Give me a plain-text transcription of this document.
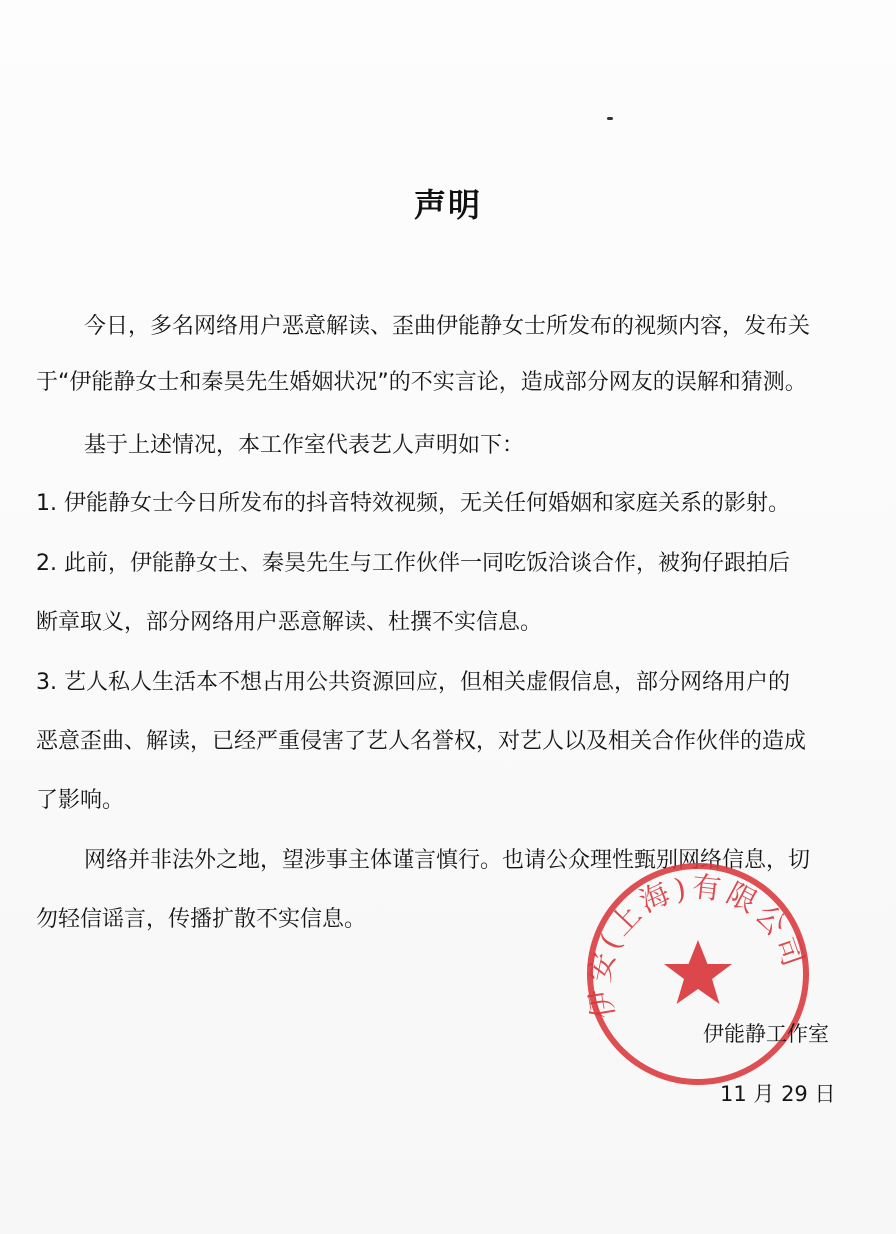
声明
今日，多名网络用户恶意解读、歪曲伊能静女士所发布的视频内容，发布关
于“伊能静女士和秦昊先生婚姻状况”的不实言论，造成部分网友的误解和猜测。
基于上述情况，本工作室代表艺人声明如下：
1. 伊能静女士今日所发布的抖音特效视频，无关任何婚姻和家庭关系的影射。
2. 此前，伊能静女士、秦昊先生与工作伙伴一同吃饭洽谈合作，被狗仔跟拍后
断章取义，部分网络用户恶意解读、杜撰不实信息。
3. 艺人私人生活本不想占用公共资源回应，但相关虚假信息，部分网络用户的
恶意歪曲、解读，已经严重侵害了艺人名誉权，对艺人以及相关合作伙伴的造成
了影响。
网络并非法外之地，望涉事主体谨言慎行。也请公众理性甄别网络信息，切
勿轻信谣言，传播扩散不实信息。
伊安(上海)有限公司
伊能静工作室
11 月 29 日
